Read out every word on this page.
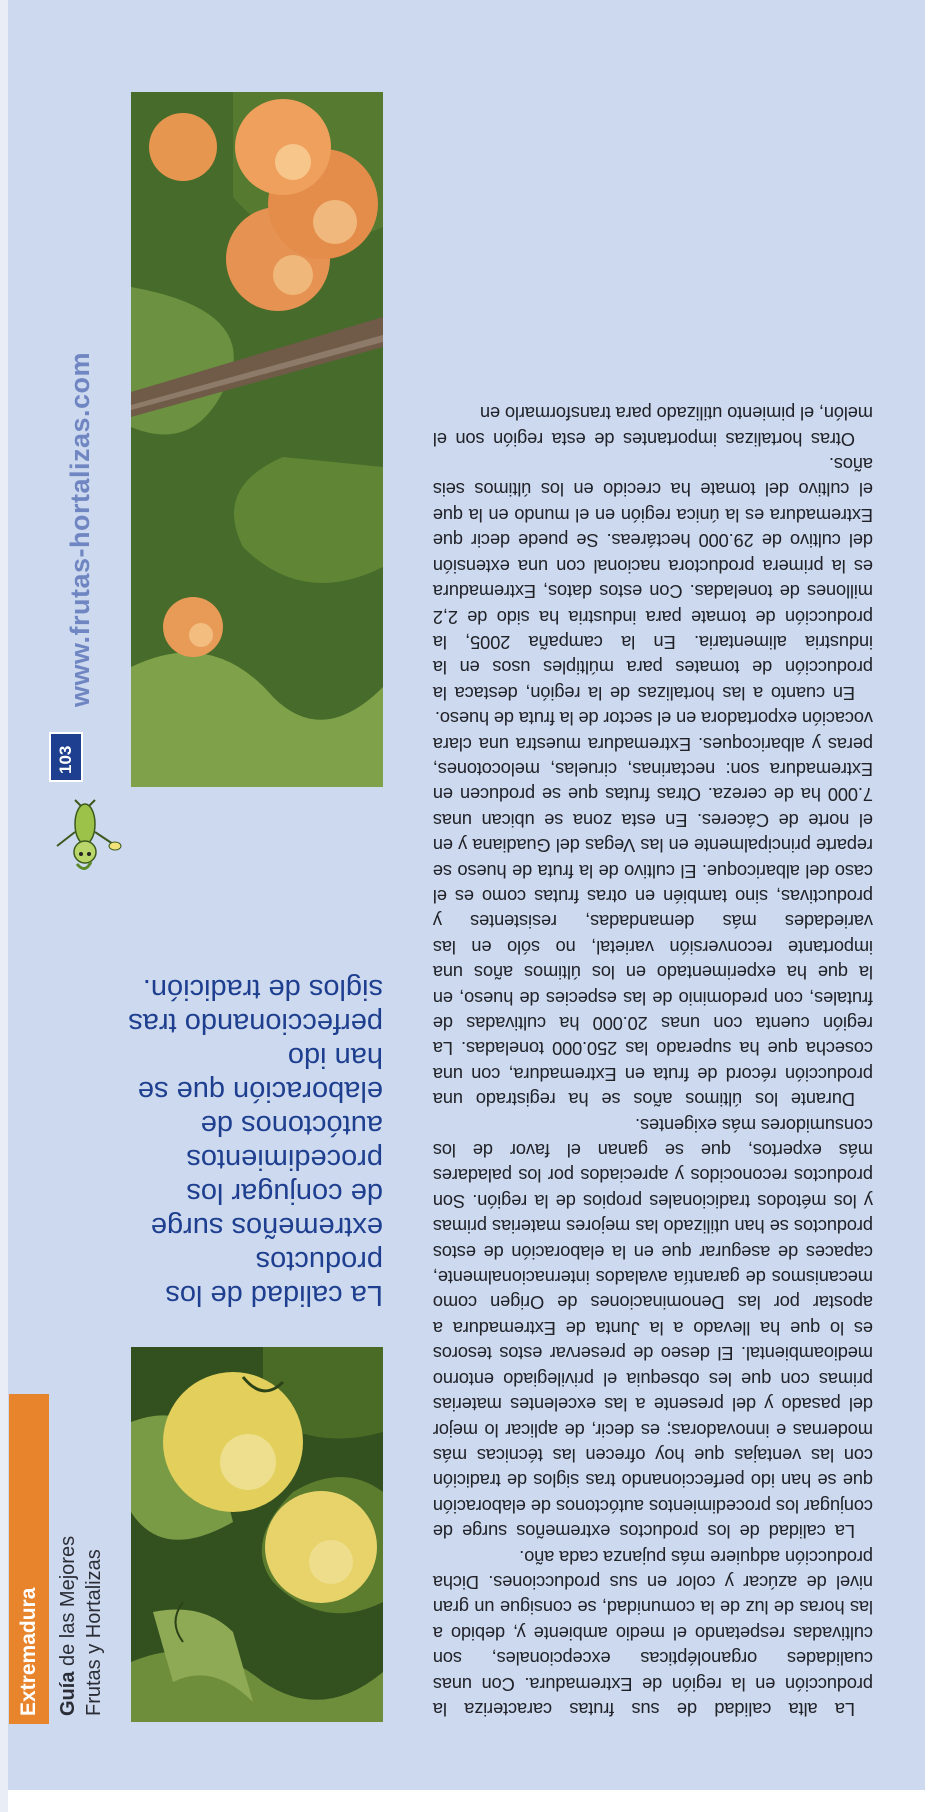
La alta calidad de sus frutas caracteriza la producción en la región de Extremadura. Con unas cualidades organolépticas excepcionales, son cultivadas respetando el medio ambiente y, debido a las horas de luz de la comunidad, se consigue un gran nivel de azúcar y color en sus producciones. Dicha producción adquiere más pujanza cada año.

La calidad de los productos extremeños surge de conjugar los procedimientos autóctonos de elaboración que se han ido perfeccionando tras siglos de tradición con las ventajas que hoy ofrecen las técnicas más modernas e innovadoras; es decir, de aplicar lo mejor del pasado y del presente a las excelentes materias primas con que les obsequia el privilegiado entorno medioambiental. El deseo de preservar estos tesoros es lo que ha llevado a la Junta de Extremadura a apostar por las Denominaciones de Origen como mecanismos de garantía avalados internacionalmente, capaces de asegurar que en la elaboración de estos productos se han utilizado las mejores materias primas y los métodos tradicionales propios de la región. Son productos reconocidos y apreciados por los paladares más expertos, que se ganan el favor de los consumidores más exigentes.

Durante los últimos años se ha registrado una producción récord de fruta en Extremadura, con una cosecha que ha superado las 250.000 toneladas. La región cuenta con unas 20.000 ha cultivadas de frutales, con predominio de las especies de hueso, en la que ha experimentado en los últimos años una importante reconversión varietal, no sólo en las variedades más demandadas, resistentes y productivas, sino también en otras frutas como es el caso del albaricoque. El cultivo de la fruta de hueso se reparte principalmente en las Vegas del Guadiana y en el norte de Cáceres. En esta zona se ubican unas 7.000 ha de cereza. Otras frutas que se producen en Extremadura son: nectarinas, ciruelas, melocotones, peras y albaricoques. Extremadura muestra una clara vocación exportadora en el sector de la fruta de hueso.

En cuanto a las hortalizas de la región, destaca la producción de tomates para múltiples usos en la industria alimentaria. En la campaña 2005, la producción de tomate para industria ha sido de 2,2 millones de toneladas. Con estos datos, Extremadura es la primera productora nacional con una extensión del cultivo de 29.000 hectáreas. Se puede decir que Extremadura es la única región en el mundo en la que el cultivo del tomate ha crecido en los últimos seis años.

Otras hortalizas importantes de esta región son el melón, el pimiento utilizado para transformarlo en

La calidad de los productos extremeños surge de conjugar los procedimientos autóctonos de elaboración que se han ido perfeccionando tras siglos de tradición.
Extremadura Guía de las Mejores Frutas y Hortalizas
103
www.frutas-hortalizas.com
